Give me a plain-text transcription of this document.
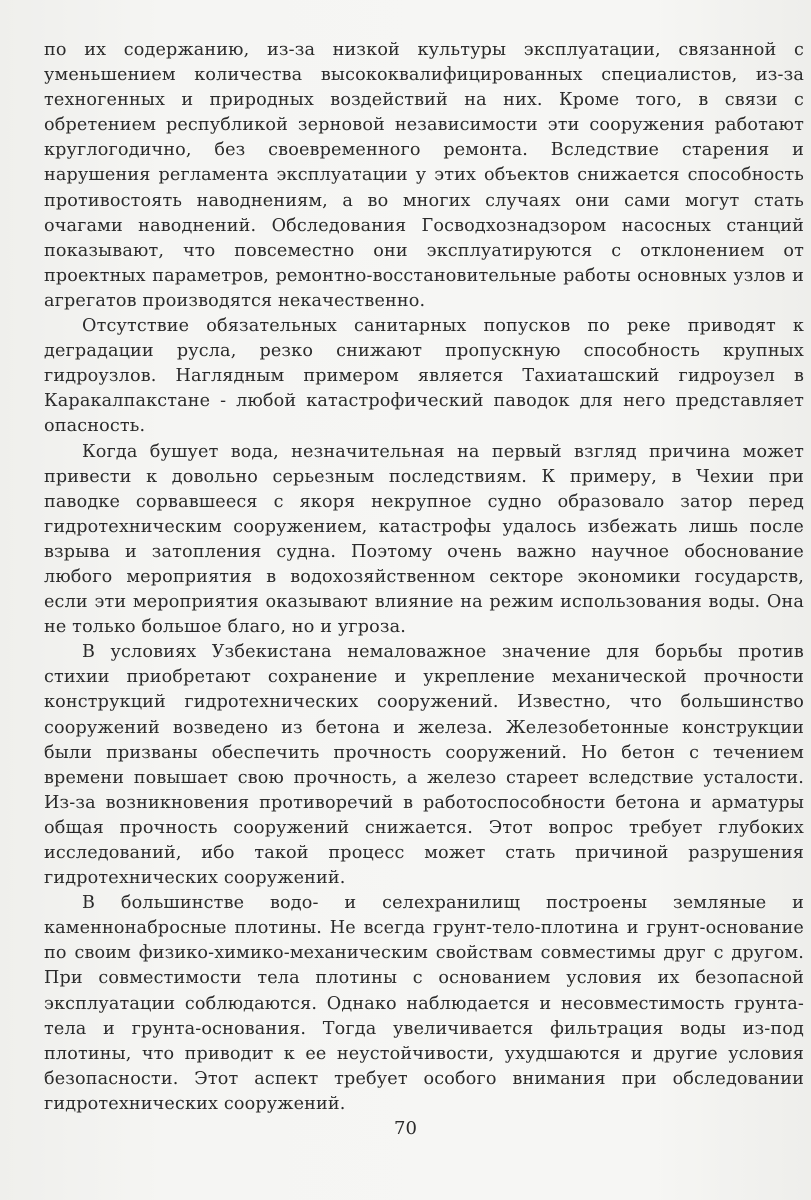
по их содержанию, из-за низкой культуры эксплуатации, связанной с уменьшением количества высококвалифицированных специалистов, из-за техногенных и природных воздействий на них. Кроме того, в связи с обретением республикой зерновой независимости эти сооружения работают круглогодично, без своевременного ремонта. Вследствие старения и нарушения регламента эксплуатации у этих объектов снижается способность противостоять наводнениям, а во многих случаях они сами могут стать очагами наводнений. Обследования Госводхознадзором насосных станций показывают, что повсеместно они эксплуатируются с отклонением от проектных параметров, ремонтно-восстановительные работы основных узлов и агрегатов производятся некачественно.

Отсутствие обязательных санитарных попусков по реке приводят к деградации русла, резко снижают пропускную способность крупных гидроузлов. Наглядным примером является Тахиаташский гидроузел в Каракалпакстане - любой катастрофический паводок для него представляет опасность.

Когда бушует вода, незначительная на первый взгляд причина может привести к довольно серьезным последствиям. К примеру, в Чехии при паводке сорвавшееся с якоря некрупное судно образовало затор перед гидротехническим сооружением, катастрофы удалось избежать лишь после взрыва и затопления судна. Поэтому очень важно научное обоснование любого мероприятия в водохозяйственном секторе экономики государств, если эти мероприятия оказывают влияние на режим использования воды. Она не только большое благо, но и угроза.

В условиях Узбекистана немаловажное значение для борьбы против стихии приобретают сохранение и укрепление механической прочности конструкций гидротехнических сооружений. Известно, что большинство сооружений возведено из бетона и железа. Железобетонные конструкции были призваны обеспечить прочность сооружений. Но бетон с течением времени повышает свою прочность, а железо стареет вследствие усталости. Из-за возникновения противоречий в работоспособности бетона и арматуры общая прочность сооружений снижается. Этот вопрос требует глубоких исследований, ибо такой процесс может стать причиной разрушения гидротехнических сооружений.

В большинстве водо- и селехранилищ построены земляные и каменнонабросные плотины. Не всегда грунт-тело-плотина и грунт-основание по своим физико-химико-механическим свойствам совместимы друг с другом. При совместимости тела плотины с основанием условия их безопасной эксплуатации соблюдаются. Однако наблюдается и несовместимость грунта-тела и грунта-основания. Тогда увеличивается фильтрация воды из-под плотины, что приводит к ее неустойчивости, ухудшаются и другие условия безопасности. Этот аспект требует особого внимания при обследовании гидротехнических сооружений.

70
